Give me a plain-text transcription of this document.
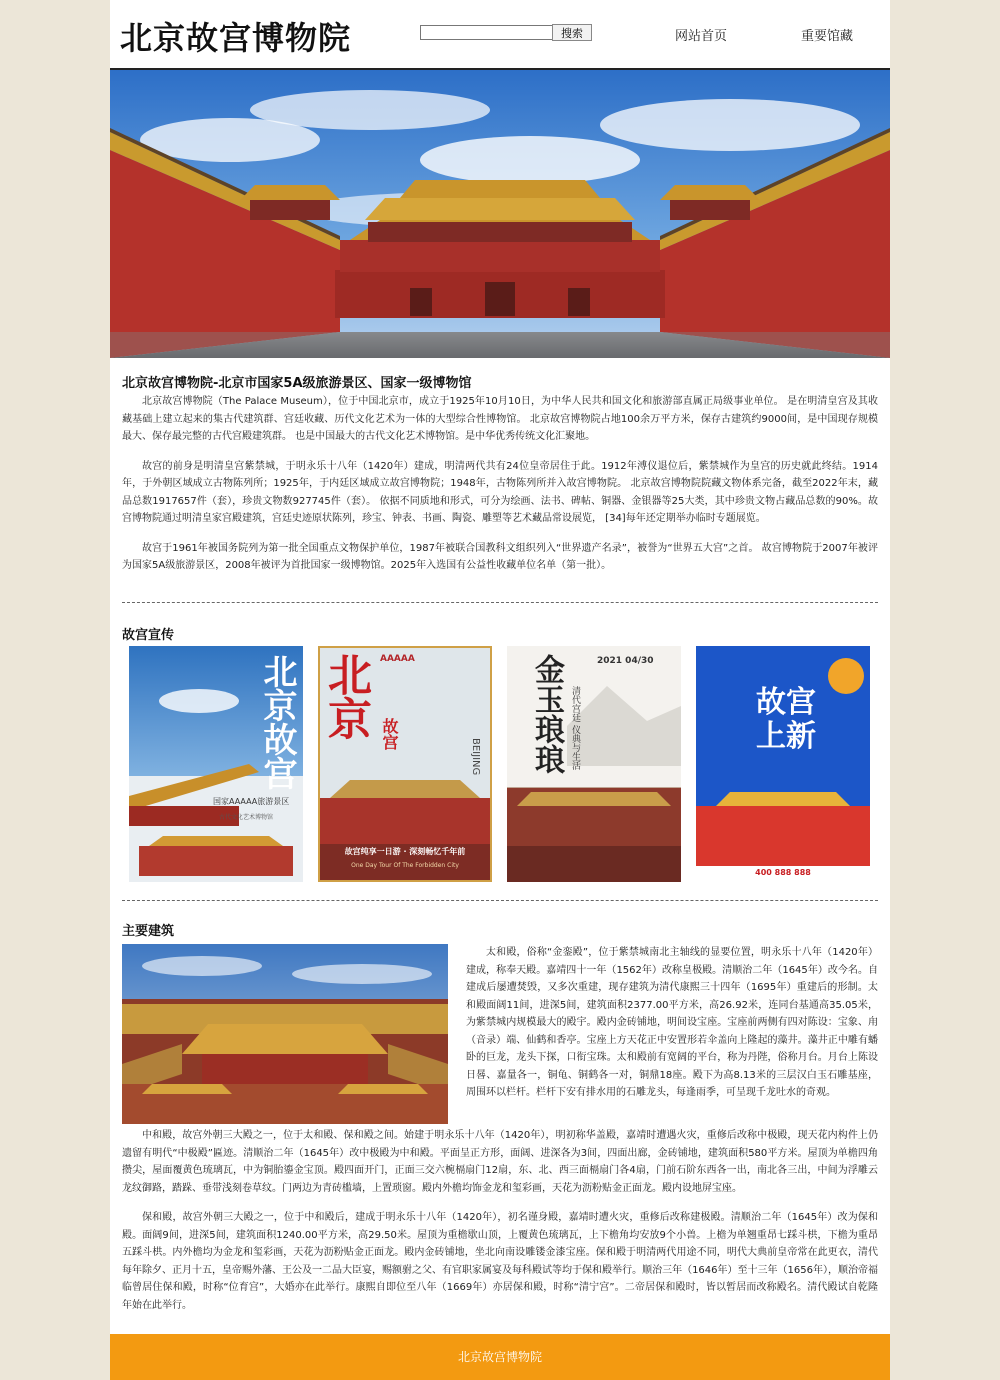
北京故宫博物院	搜索	网站首页	重要馆藏
北京故宫博物院-北京市国家5A级旅游景区、国家一级博物馆

北京故宫博物院（The Palace Museum），位于中国北京市，成立于1925年10月10日，为中华人民共和国文化和旅游部直属正局级事业单位。 是在明清皇宫及其收藏基础上建立起来的集古代建筑群、宫廷收藏、历代文化艺术为一体的大型综合性博物馆。 北京故宫博物院占地100余万平方米，保存古建筑约9000间，是中国现存规模最大、保存最完整的古代宫殿建筑群。 也是中国最大的古代文化艺术博物馆。是中华优秀传统文化汇聚地。

故宫的前身是明清皇宫紫禁城，于明永乐十八年（1420年）建成，明清两代共有24位皇帝居住于此。1912年溥仪退位后，紫禁城作为皇宫的历史就此终结。1914年，于外朝区域成立古物陈列所；1925年，于内廷区域成立故宫博物院；1948年，古物陈列所并入故宫博物院。 北京故宫博物院院藏文物体系完备，截至2022年末，藏品总数1917657件（套），珍贵文物数927745件（套）。 依据不同质地和形式，可分为绘画、法书、碑帖、铜器、金银器等25大类，其中珍贵文物占藏品总数的90%。故宫博物院通过明清皇家宫殿建筑，宫廷史迹原状陈列，珍宝、钟表、书画、陶瓷、雕塑等艺术藏品常设展览， [34]每年还定期举办临时专题展览。

故宫于1961年被国务院列为第一批全国重点文物保护单位，1987年被联合国教科文组织列入“世界遗产名录”，被誉为“世界五大宫”之首。 故宫博物院于2007年被评为国家5A级旅游景区，2008年被评为首批国家一级博物馆。2025年入选国有公益性收藏单位名单（第一批）。

故宫宣传
北京故宫
国家AAAAA旅游景区
古代文化艺术博物馆
AAAAA
北京 故宫
BEIJING
故宫纯享一日游 · 深刻畅忆千年前
One Day Tour Of The Forbidden City
金玉琅琅 清代宫廷 仪典与生活
2021 04/30
故宫上新
400 888 888
主要建筑

太和殿，俗称“金銮殿”，位于紫禁城南北主轴线的显要位置，明永乐十八年（1420年）建成，称奉天殿。嘉靖四十一年（1562年）改称皇极殿。清顺治二年（1645年）改今名。自建成后屡遭焚毁，又多次重建，现存建筑为清代康熙三十四年（1695年）重建后的形制。太和殿面阔11间，进深5间，建筑面积2377.00平方米，高26.92米，连同台基通高35.05米，为紫禁城内规模最大的殿宇。殿内金砖铺地，明间设宝座。宝座前两侧有四对陈设：宝象、甪（音录）端、仙鹤和香亭。宝座上方天花正中安置形若伞盖向上隆起的藻井。藻井正中雕有蟠卧的巨龙，龙头下探，口衔宝珠。太和殿前有宽阔的平台，称为丹陛，俗称月台。月台上陈设日晷、嘉量各一，铜龟、铜鹤各一对，铜鼎18座。殿下为高8.13米的三层汉白玉石雕基座，周围环以栏杆。栏杆下安有排水用的石雕龙头，每逢雨季，可呈现千龙吐水的奇观。

中和殿，故宫外朝三大殿之一，位于太和殿、保和殿之间。始建于明永乐十八年（1420年），明初称华盖殿，嘉靖时遭遇火灾，重修后改称中极殿，现天花内构件上仍遗留有明代“中极殿”匾迹。清顺治二年（1645年）改中极殿为中和殿。平面呈正方形，面阔、进深各为3间，四面出廊，金砖铺地，建筑面积580平方米。屋顶为单檐四角攒尖，屋面覆黄色琉璃瓦，中为铜胎鎏金宝顶。殿四面开门，正面三交六椀槅扇门12扇，东、北、西三面槅扇门各4扇，门前石阶东西各一出，南北各三出，中间为浮雕云龙纹御路，踏跺、垂带浅刻卷草纹。门两边为青砖槛墙，上置琐窗。殿内外檐均饰金龙和玺彩画，天花为沥粉贴金正面龙。殿内设地屏宝座。

保和殿，故宫外朝三大殿之一，位于中和殿后，建成于明永乐十八年（1420年），初名谨身殿，嘉靖时遭火灾，重修后改称建极殿。清顺治二年（1645年）改为保和殿。面阔9间，进深5间，建筑面积1240.00平方米，高29.50米。屋顶为重檐歇山顶，上覆黄色琉璃瓦，上下檐角均安放9个小兽。上檐为单翘重昂七踩斗栱，下檐为重昂五踩斗栱。内外檐均为金龙和玺彩画，天花为沥粉贴金正面龙。殿内金砖铺地，坐北向南设雕镂金漆宝座。保和殿于明清两代用途不同，明代大典前皇帝常在此更衣，清代每年除夕、正月十五，皇帝赐外藩、王公及一二品大臣宴，赐额驸之父、有官职家属宴及每科殿试等均于保和殿举行。顺治三年（1646年）至十三年（1656年），顺治帝福临曾居住保和殿，时称“位育宫”，大婚亦在此举行。康熙自即位至八年（1669年）亦居保和殿，时称“清宁宫”。二帝居保和殿时，皆以暂居而改称殿名。清代殿试自乾隆年始在此举行。

北京故宫博物院
